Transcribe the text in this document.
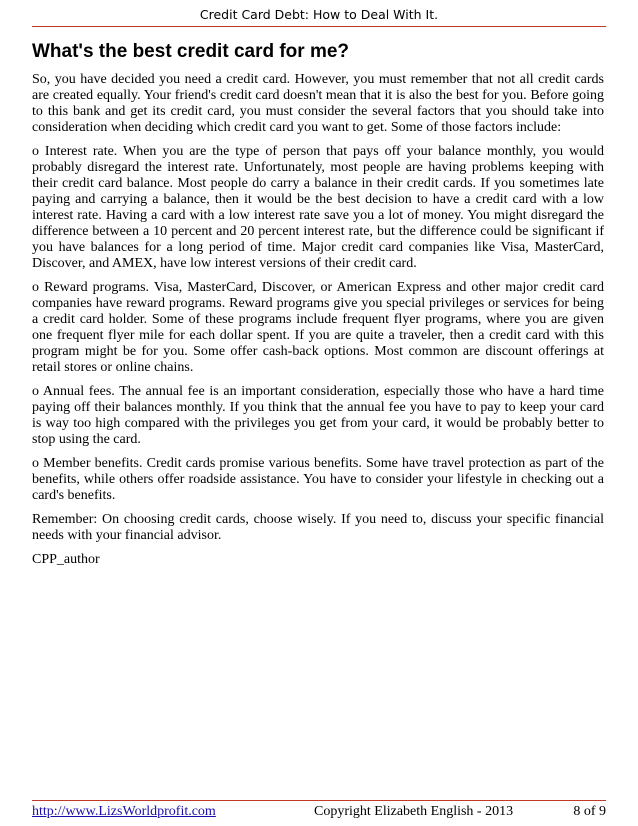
Credit Card Debt: How to Deal With It.
What's the best credit card for me?

So, you have decided you need a credit card. However, you must remember that not all credit cards are created equally. Your friend's credit card doesn't mean that it is also the best for you. Before going to this bank and get its credit card, you must consider the several factors that you should take into consideration when deciding which credit card you want to get. Some of those factors include:

o Interest rate. When you are the type of person that pays off your balance monthly, you would probably disregard the interest rate. Unfortunately, most people are having problems keeping with their credit card balance. Most people do carry a balance in their credit cards. If you sometimes late paying and carrying a balance, then it would be the best decision to have a credit card with a low interest rate. Having a card with a low interest rate save you a lot of money. You might disregard the difference between a 10 percent and 20 percent interest rate, but the difference could be significant if you have balances for a long period of time. Major credit card companies like Visa, MasterCard, Discover, and AMEX, have low interest versions of their credit card.

o Reward programs. Visa, MasterCard, Discover, or American Express and other major credit card companies have reward programs. Reward programs give you special privileges or services for being a credit card holder. Some of these programs include frequent flyer programs, where you are given one frequent flyer mile for each dollar spent. If you are quite a traveler, then a credit card with this program might be for you. Some offer cash-back options. Most common are discount offerings at retail stores or online chains.

o Annual fees. The annual fee is an important consideration, especially those who have a hard time paying off their balances monthly. If you think that the annual fee you have to pay to keep your card is way too high compared with the privileges you get from your card, it would be probably better to stop using the card.

o Member benefits. Credit cards promise various benefits. Some have travel protection as part of the benefits, while others offer roadside assistance. You have to consider your lifestyle in checking out a card's benefits.

Remember: On choosing credit cards, choose wisely. If you need to, discuss your specific financial needs with your financial advisor.

CPP_author

http://www.LizsWorldprofit.com	Copyright Elizabeth English - 2013	8 of 9
